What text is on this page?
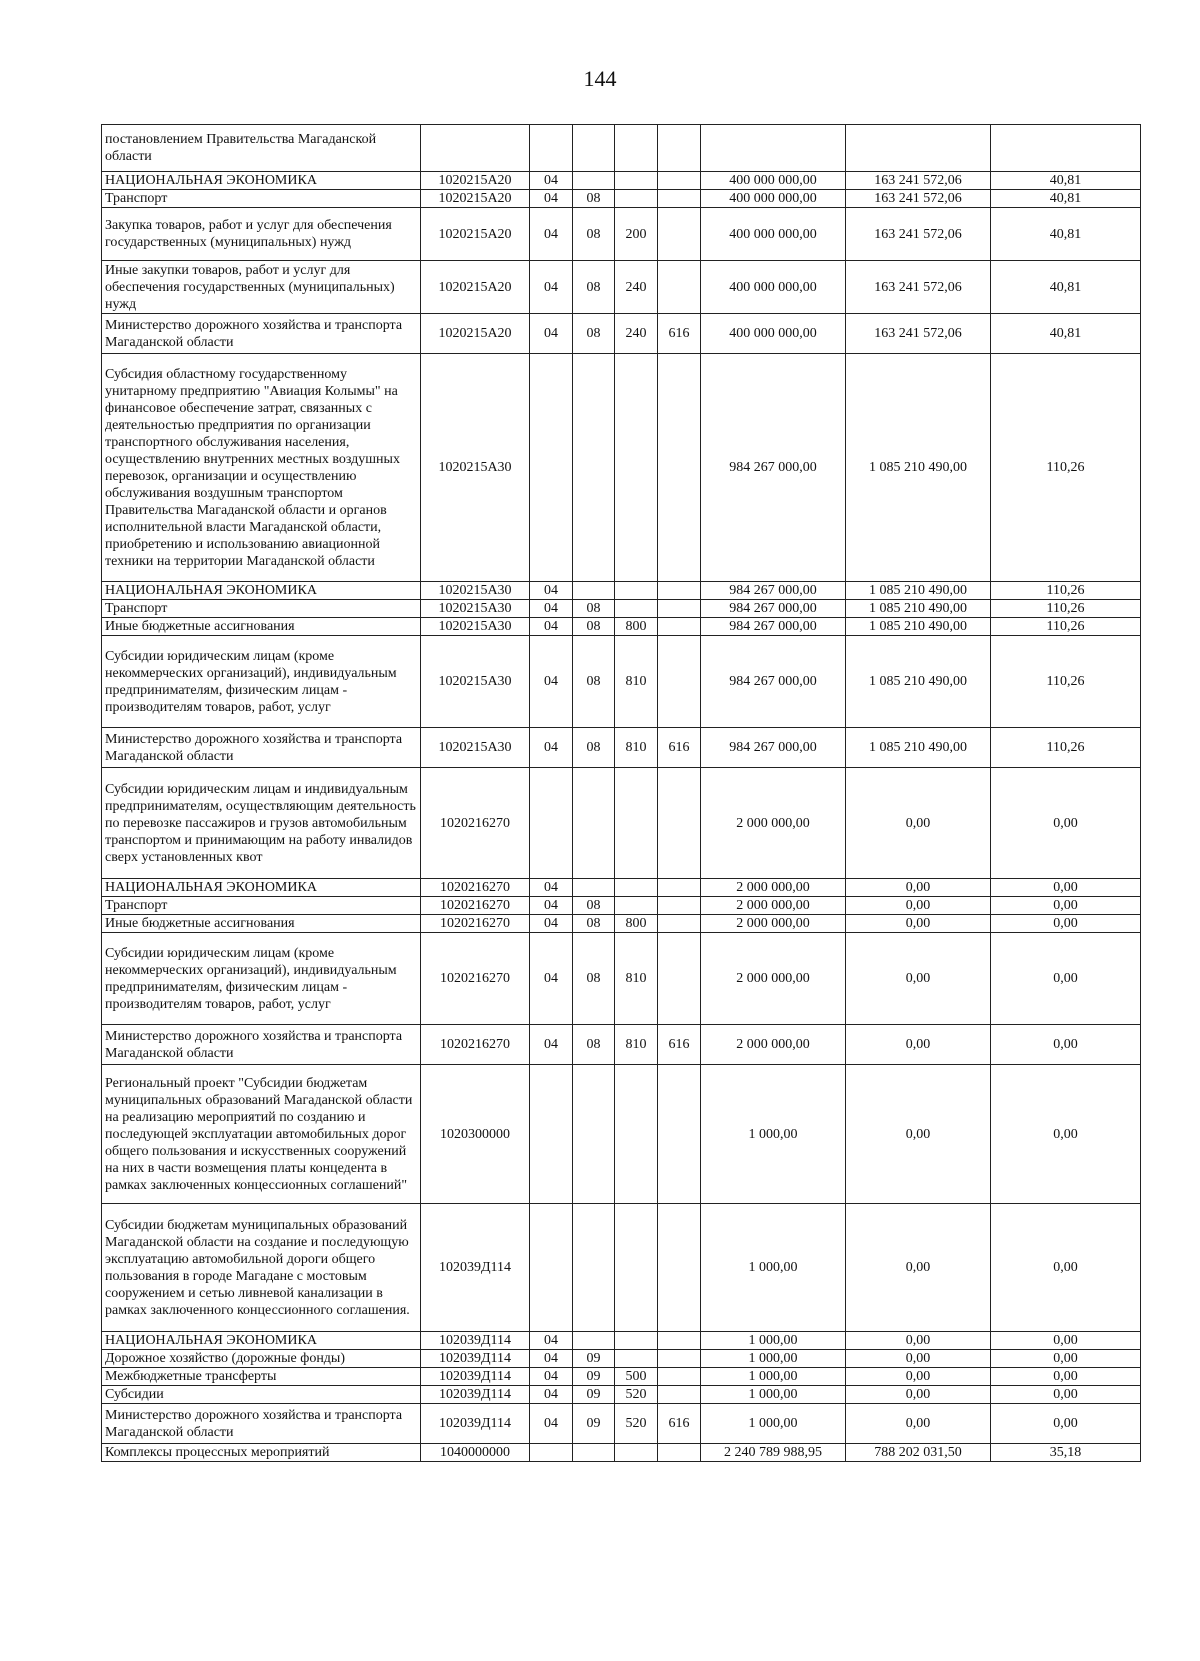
144
постановлением Правительства Магаданской области								
НАЦИОНАЛЬНАЯ ЭКОНОМИКА	1020215А20	04				400 000 000,00	163 241 572,06	40,81
Транспорт	1020215А20	04	08			400 000 000,00	163 241 572,06	40,81
Закупка товаров, работ и услуг для обеспечения государственных (муниципальных) нужд	1020215А20	04	08	200		400 000 000,00	163 241 572,06	40,81
Иные закупки товаров, работ и услуг для обеспечения государственных (муниципальных) нужд	1020215А20	04	08	240		400 000 000,00	163 241 572,06	40,81
Министерство дорожного хозяйства и транспорта Магаданской области	1020215А20	04	08	240	616	400 000 000,00	163 241 572,06	40,81
Субсидия областному государственному унитарному предприятию "Авиация Колымы" на финансовое обеспечение затрат, связанных с деятельностью предприятия по организации транспортного обслуживания населения, осуществлению внутренних местных воздушных перевозок, организации и осуществлению обслуживания воздушным транспортом Правительства Магаданской области и органов исполнительной власти Магаданской области, приобретению и использованию авиационной техники на территории Магаданской области	1020215А30					984 267 000,00	1 085 210 490,00	110,26
НАЦИОНАЛЬНАЯ ЭКОНОМИКА	1020215А30	04				984 267 000,00	1 085 210 490,00	110,26
Транспорт	1020215А30	04	08			984 267 000,00	1 085 210 490,00	110,26
Иные бюджетные ассигнования	1020215А30	04	08	800		984 267 000,00	1 085 210 490,00	110,26
Субсидии юридическим лицам (кроме некоммерческих организаций), индивидуальным предпринимателям, физическим лицам - производителям товаров, работ, услуг	1020215А30	04	08	810		984 267 000,00	1 085 210 490,00	110,26
Министерство дорожного хозяйства и транспорта Магаданской области	1020215А30	04	08	810	616	984 267 000,00	1 085 210 490,00	110,26
Субсидии юридическим лицам и индивидуальным предпринимателям, осуществляющим деятельность по перевозке пассажиров и грузов автомобильным транспортом и принимающим на работу инвалидов сверх установленных квот	1020216270					2 000 000,00	0,00	0,00
НАЦИОНАЛЬНАЯ ЭКОНОМИКА	1020216270	04				2 000 000,00	0,00	0,00
Транспорт	1020216270	04	08			2 000 000,00	0,00	0,00
Иные бюджетные ассигнования	1020216270	04	08	800		2 000 000,00	0,00	0,00
Субсидии юридическим лицам (кроме некоммерческих организаций), индивидуальным предпринимателям, физическим лицам - производителям товаров, работ, услуг	1020216270	04	08	810		2 000 000,00	0,00	0,00
Министерство дорожного хозяйства и транспорта Магаданской области	1020216270	04	08	810	616	2 000 000,00	0,00	0,00
Региональный проект "Субсидии бюджетам муниципальных образований Магаданской области на реализацию мероприятий по созданию и последующей эксплуатации автомобильных дорог общего пользования и искусственных сооружений на них в части возмещения платы концедента в рамках заключенных концессионных соглашений"	1020300000					1 000,00	0,00	0,00
Субсидии бюджетам муниципальных образований Магаданской области на создание и последующую эксплуатацию автомобильной дороги общего пользования в городе Магадане с мостовым сооружением и сетью ливневой канализации в рамках заключенного концессионного соглашения.	102039Д114					1 000,00	0,00	0,00
НАЦИОНАЛЬНАЯ ЭКОНОМИКА	102039Д114	04				1 000,00	0,00	0,00
Дорожное хозяйство (дорожные фонды)	102039Д114	04	09			1 000,00	0,00	0,00
Межбюджетные трансферты	102039Д114	04	09	500		1 000,00	0,00	0,00
Субсидии	102039Д114	04	09	520		1 000,00	0,00	0,00
Министерство дорожного хозяйства и транспорта Магаданской области	102039Д114	04	09	520	616	1 000,00	0,00	0,00
Комплексы процессных мероприятий	1040000000					2 240 789 988,95	788 202 031,50	35,18
